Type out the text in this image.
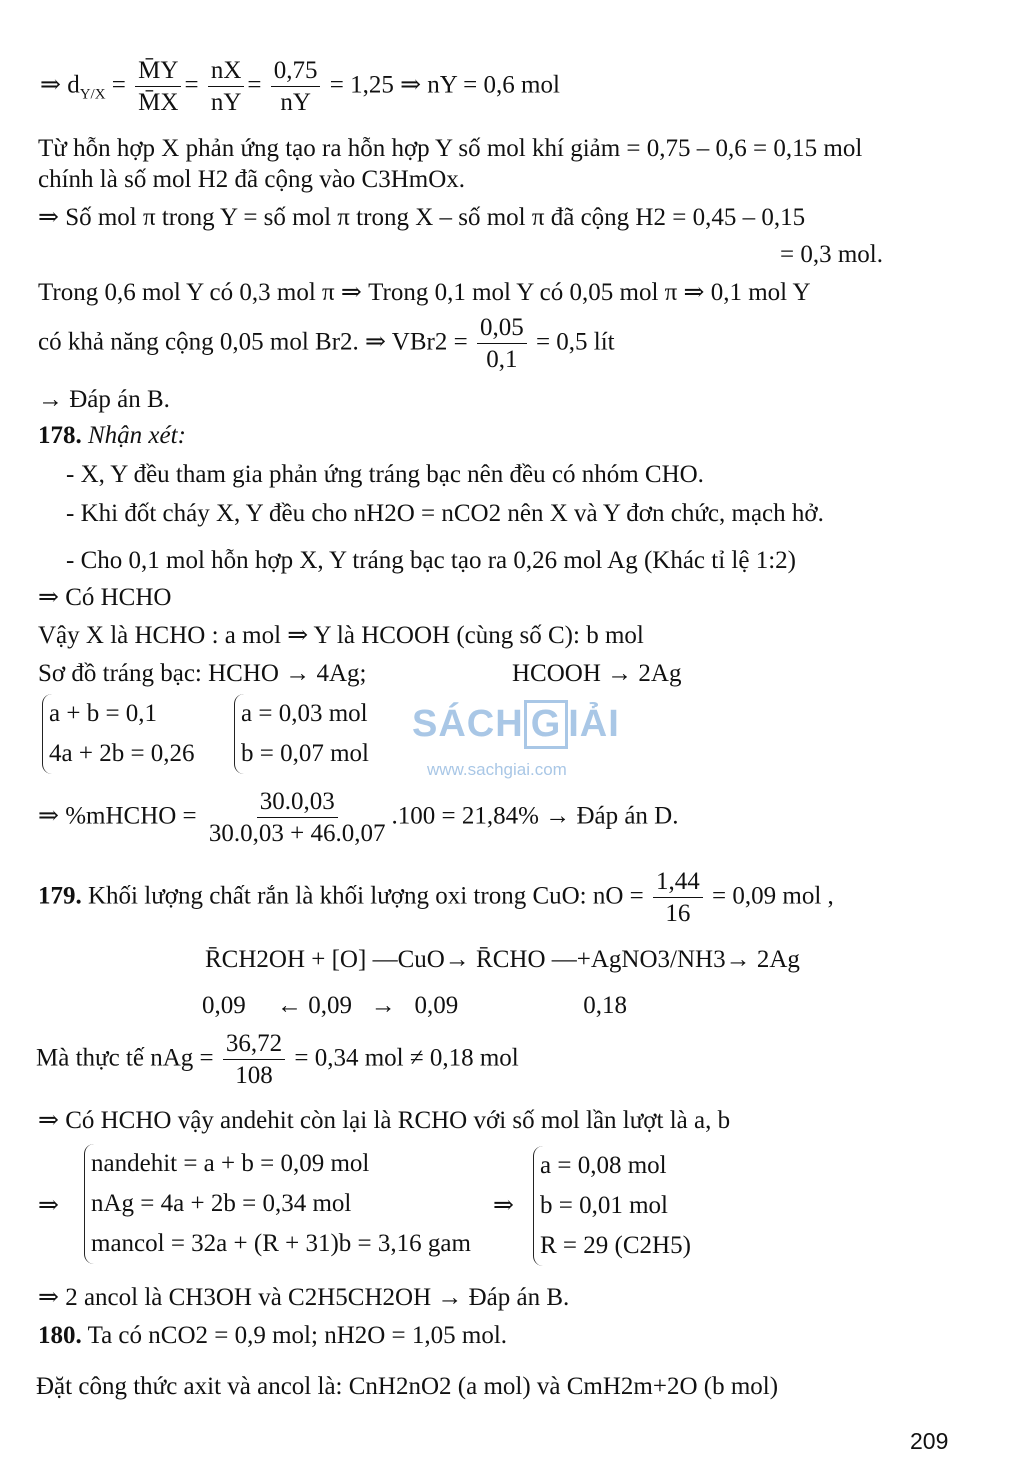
⇒ $d_{Y/X} = \frac{M̄Y}{M̄X} = \frac{nX}{nY} = \frac{0,75}{nY} = 1,25$ ⇒ nY = 0,6 mol
Từ hỗn hợp X phản ứng tạo ra hỗn hợp Y số mol khí giảm = 0,75 – 0,6 = 0,15 mol
chính là số mol H2 đã cộng vào C3HmOx.
⇒ Số mol π trong Y = số mol π trong X – số mol π đã cộng H2 = 0,45 – 0,15
= 0,3 mol.
Trong 0,6 mol Y có 0,3 mol π ⇒ Trong 0,1 mol Y có 0,05 mol π ⇒ 0,1 mol Y
có khả năng cộng 0,05 mol Br2. ⇒ $VBr2 = \frac{0,05}{0,1} = 0,5$ lít
→ Đáp án B.
178. Nhận xét:
- X, Y đều tham gia phản ứng tráng bạc nên đều có nhóm CHO.
- Khi đốt cháy X, Y đều cho nH2O = nCO2 nên X và Y đơn chức, mạch hở.
- Cho 0,1 mol hỗn hợp X, Y tráng bạc tạo ra 0,26 mol Ag (Khác tỉ lệ 1:2)
⇒ Có HCHO
Vậy X là HCHO : a mol ⇒ Y là HCOOH (cùng số C): b mol
Sơ đồ tráng bạc: HCHO → 4Ag;	HCOOH → 2Ag
a + b = 0,1
4a + 2b = 0,26
a = 0,03 mol
b = 0,07 mol
SÁCH G IẢI
www.sachgiai.com
⇒ %mHCHO = $\frac{30.0,03}{30.0,03 + 46.0,07} .100 = 21,84\%$ → Đáp án D.
179. Khối lượng chất rắn là khối lượng oxi trong CuO: nO = $\frac{1,44}{16} = 0,09$ mol ,
R̄CH2OH + [O] ―CuO→ R̄CHO ―+AgNO3/NH3→ 2Ag
0,09     ← 0,09   →   0,09                    0,18
Mà thực tế nAg = $\frac{36,72}{108} = 0,34$ mol ≠ 0,18 mol
⇒ Có HCHO vậy andehit còn lại là RCHO với số mol lần lượt là a, b
⇒
nandehit = a + b = 0,09 mol
nAg = 4a + 2b = 0,34 mol
mancol = 32a + (R + 31)b = 3,16 gam
⇒
a = 0,08 mol
b = 0,01 mol
R = 29 (C2H5)
⇒ 2 ancol là CH3OH và C2H5CH2OH → Đáp án B.
180. Ta có nCO2 = 0,9 mol; nH2O = 1,05 mol.
Đặt công thức axit và ancol là: CnH2nO2 (a mol) và CmH2m+2O (b mol)
209
